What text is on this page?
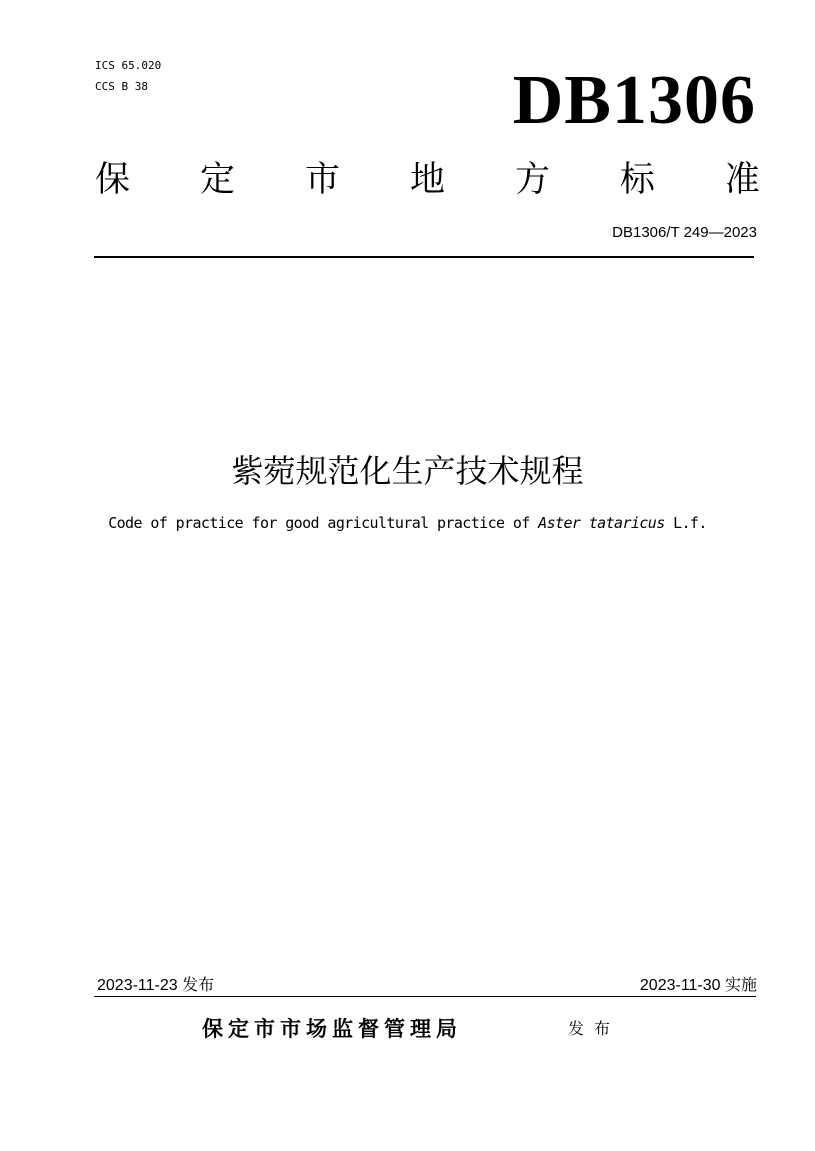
ICS 65.020
CCS B 38	DB1306
保 定 市 地 方 标 准
DB1306/T 249—2023
紫菀规范化生产技术规程
Code of practice for good agricultural practice of Aster tataricus L.f.
2023-11-23 发布	2023-11-30 实施
保定市市场监督管理局	发布
